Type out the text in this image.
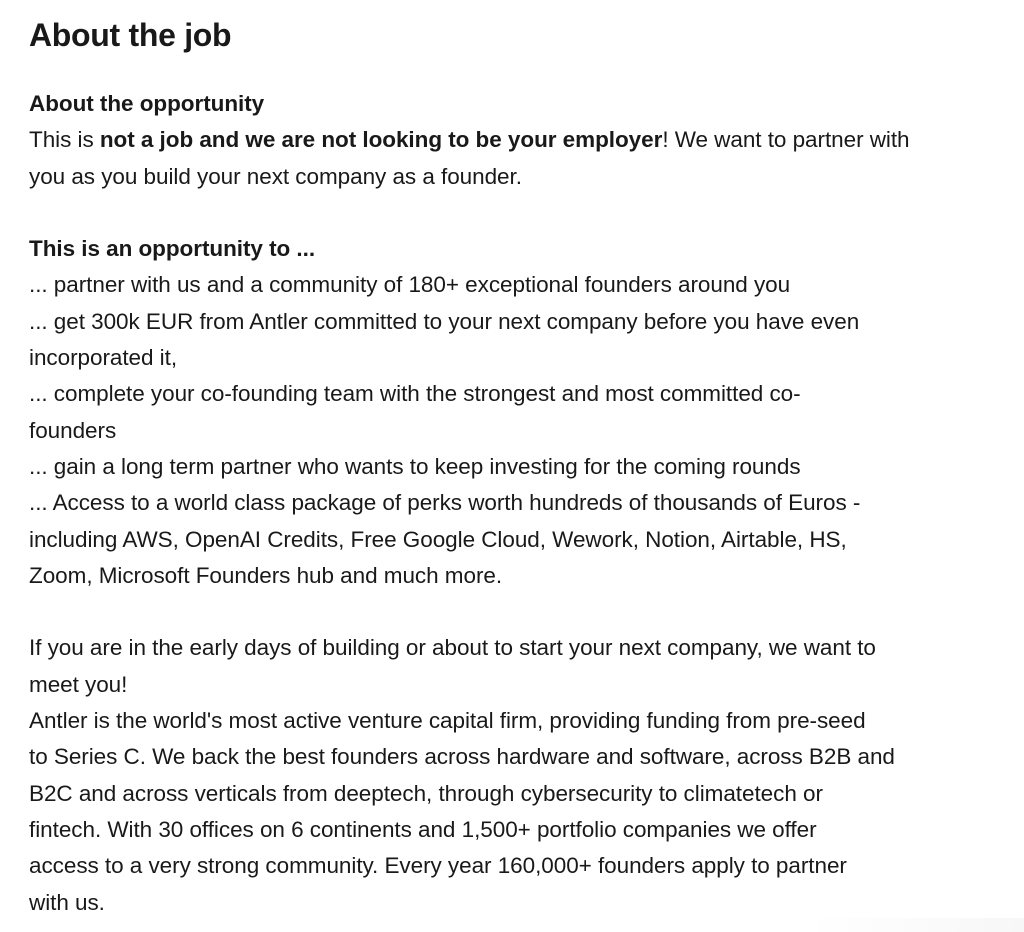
About the job
About the opportunity
This is not a job and we are not looking to be your employer! We want to partner with
you as you build your next company as a founder.
This is an opportunity to ...
... partner with us and a community of 180+ exceptional founders around you
... get 300k EUR from Antler committed to your next company before you have even
incorporated it,
... complete your co-founding team with the strongest and most committed co-
founders
... gain a long term partner who wants to keep investing for the coming rounds
... Access to a world class package of perks worth hundreds of thousands of Euros -
including AWS, OpenAI Credits, Free Google Cloud, Wework, Notion, Airtable, HS,
Zoom, Microsoft Founders hub and much more.
If you are in the early days of building or about to start your next company, we want to
meet you!
Antler is the world's most active venture capital firm, providing funding from pre-seed
to Series C. We back the best founders across hardware and software, across B2B and
B2C and across verticals from deeptech, through cybersecurity to climatetech or
fintech. With 30 offices on 6 continents and 1,500+ portfolio companies we offer
access to a very strong community. Every year 160,000+ founders apply to partner
with us.
